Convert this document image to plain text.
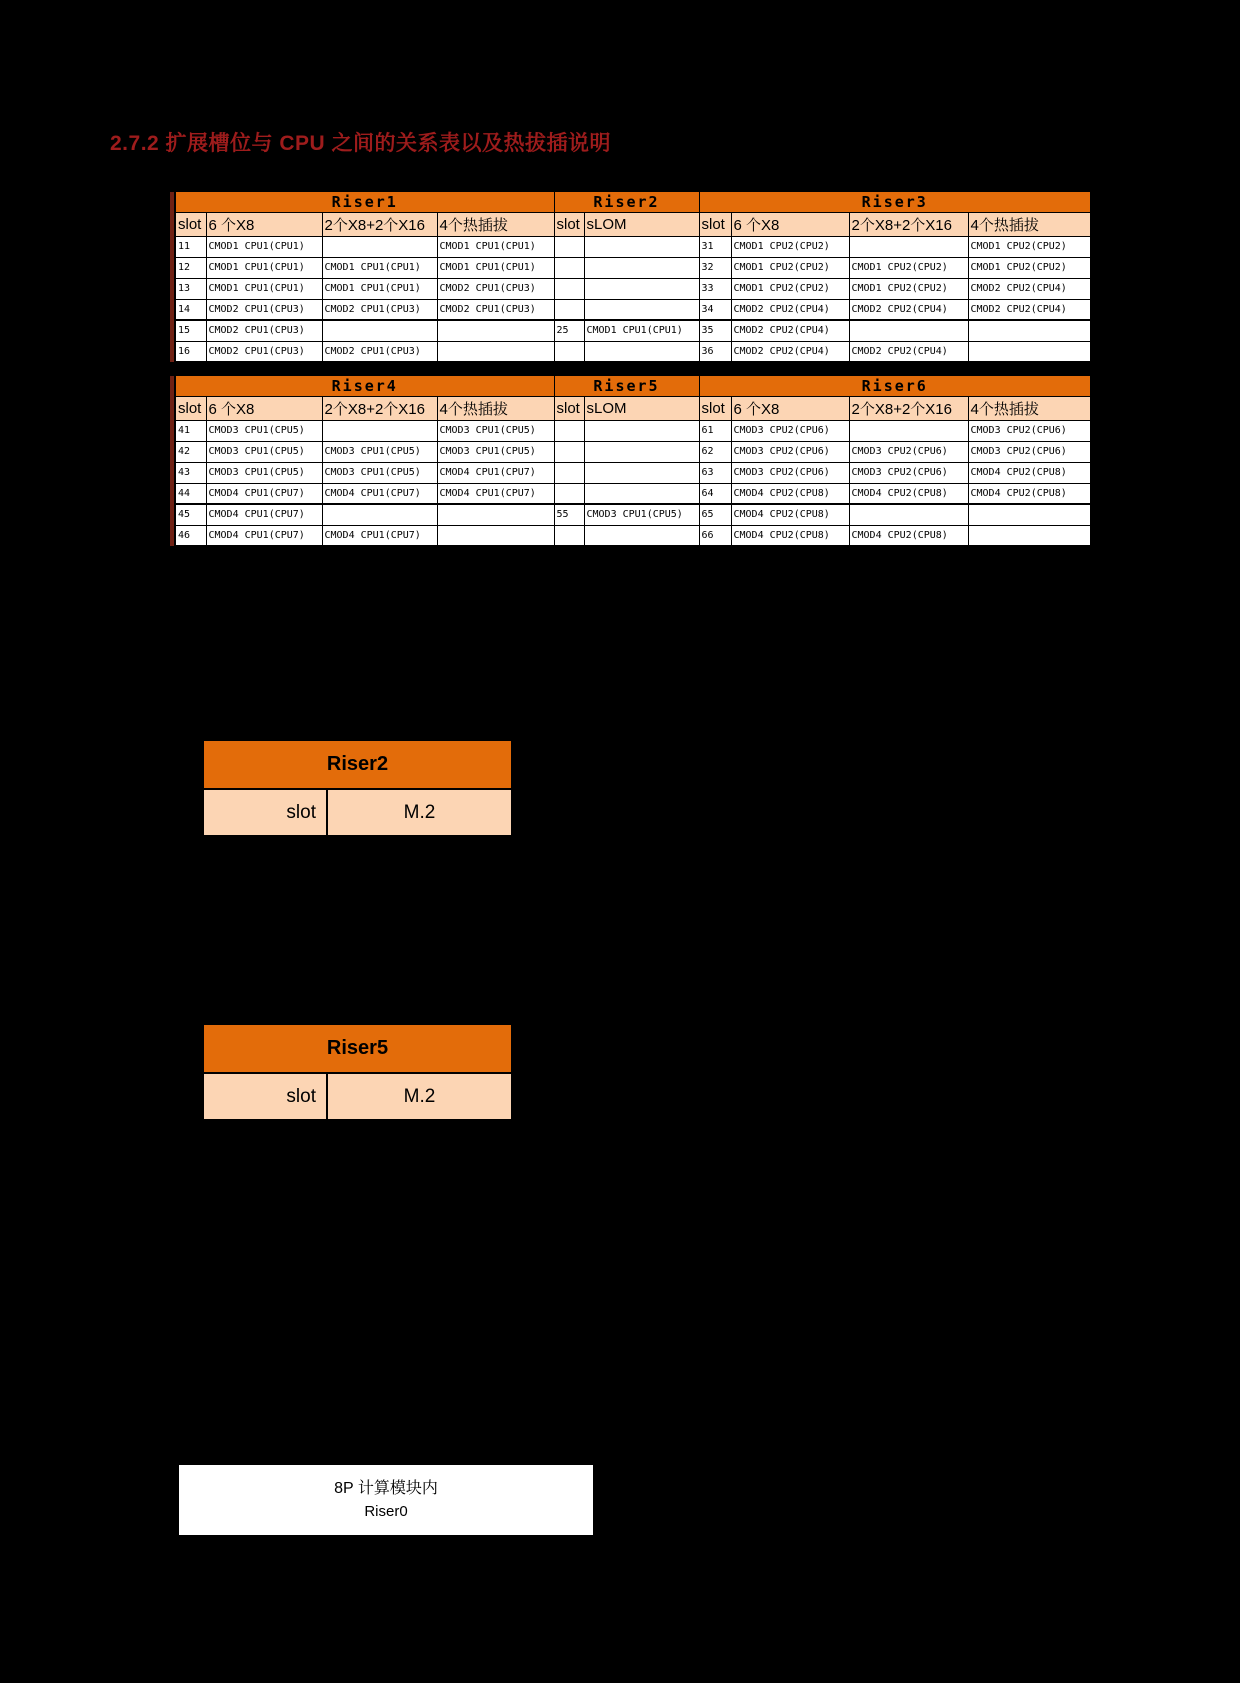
2.7.2 扩展槽位与 CPU 之间的关系表以及热拔插说明
Riser1				Riser2		Riser3			
slot	6 个X8	2个X8+2个X16	4个热插拔	slot	sLOM	slot	6 个X8	2个X8+2个X16	4个热插拔
11	CMOD1 CPU1(CPU1)		CMOD1 CPU1(CPU1)			31	CMOD1 CPU2(CPU2)		CMOD1 CPU2(CPU2)
12	CMOD1 CPU1(CPU1)	CMOD1 CPU1(CPU1)	CMOD1 CPU1(CPU1)			32	CMOD1 CPU2(CPU2)	CMOD1 CPU2(CPU2)	CMOD1 CPU2(CPU2)
13	CMOD1 CPU1(CPU1)	CMOD1 CPU1(CPU1)	CMOD2 CPU1(CPU3)			33	CMOD1 CPU2(CPU2)	CMOD1 CPU2(CPU2)	CMOD2 CPU2(CPU4)
14	CMOD2 CPU1(CPU3)	CMOD2 CPU1(CPU3)	CMOD2 CPU1(CPU3)			34	CMOD2 CPU2(CPU4)	CMOD2 CPU2(CPU4)	CMOD2 CPU2(CPU4)
15	CMOD2 CPU1(CPU3)			25	CMOD1 CPU1(CPU1)	35	CMOD2 CPU2(CPU4)		
16	CMOD2 CPU1(CPU3)	CMOD2 CPU1(CPU3)				36	CMOD2 CPU2(CPU4)	CMOD2 CPU2(CPU4)	
Riser4				Riser5		Riser6			
slot	6 个X8	2个X8+2个X16	4个热插拔	slot	sLOM	slot	6 个X8	2个X8+2个X16	4个热插拔
41	CMOD3 CPU1(CPU5)		CMOD3 CPU1(CPU5)			61	CMOD3 CPU2(CPU6)		CMOD3 CPU2(CPU6)
42	CMOD3 CPU1(CPU5)	CMOD3 CPU1(CPU5)	CMOD3 CPU1(CPU5)			62	CMOD3 CPU2(CPU6)	CMOD3 CPU2(CPU6)	CMOD3 CPU2(CPU6)
43	CMOD3 CPU1(CPU5)	CMOD3 CPU1(CPU5)	CMOD4 CPU1(CPU7)			63	CMOD3 CPU2(CPU6)	CMOD3 CPU2(CPU6)	CMOD4 CPU2(CPU8)
44	CMOD4 CPU1(CPU7)	CMOD4 CPU1(CPU7)	CMOD4 CPU1(CPU7)			64	CMOD4 CPU2(CPU8)	CMOD4 CPU2(CPU8)	CMOD4 CPU2(CPU8)
45	CMOD4 CPU1(CPU7)			55	CMOD3 CPU1(CPU5)	65	CMOD4 CPU2(CPU8)		
46	CMOD4 CPU1(CPU7)	CMOD4 CPU1(CPU7)				66	CMOD4 CPU2(CPU8)	CMOD4 CPU2(CPU8)	
Riser2
slot	M.2
Riser5
slot	M.2
8P 计算模块内
Riser0
